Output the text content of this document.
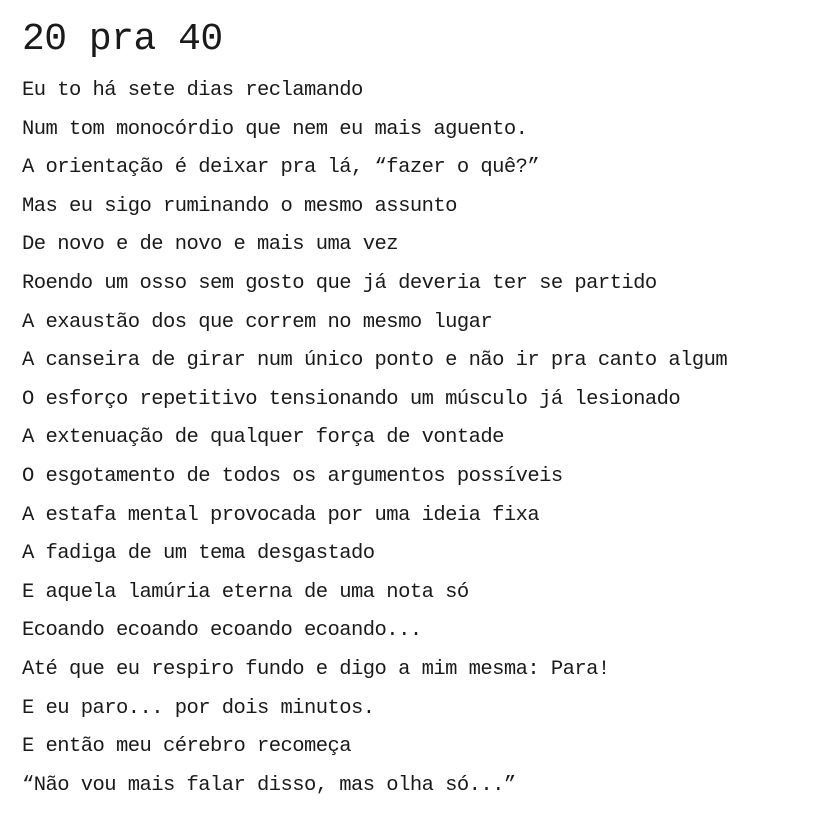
20 pra 40
Eu to há sete dias reclamando
Num tom monocórdio que nem eu mais aguento.
A orientação é deixar pra lá, “fazer o quê?”
Mas eu sigo ruminando o mesmo assunto
De novo e de novo e mais uma vez
Roendo um osso sem gosto que já deveria ter se partido
A exaustão dos que correm no mesmo lugar
A canseira de girar num único ponto e não ir pra canto algum
O esforço repetitivo tensionando um músculo já lesionado
A extenuação de qualquer força de vontade
O esgotamento de todos os argumentos possíveis
A estafa mental provocada por uma ideia fixa
A fadiga de um tema desgastado
E aquela lamúria eterna de uma nota só
Ecoando ecoando ecoando ecoando...
Até que eu respiro fundo e digo a mim mesma: Para!
E eu paro... por dois minutos.
E então meu cérebro recomeça
“Não vou mais falar disso, mas olha só...”
